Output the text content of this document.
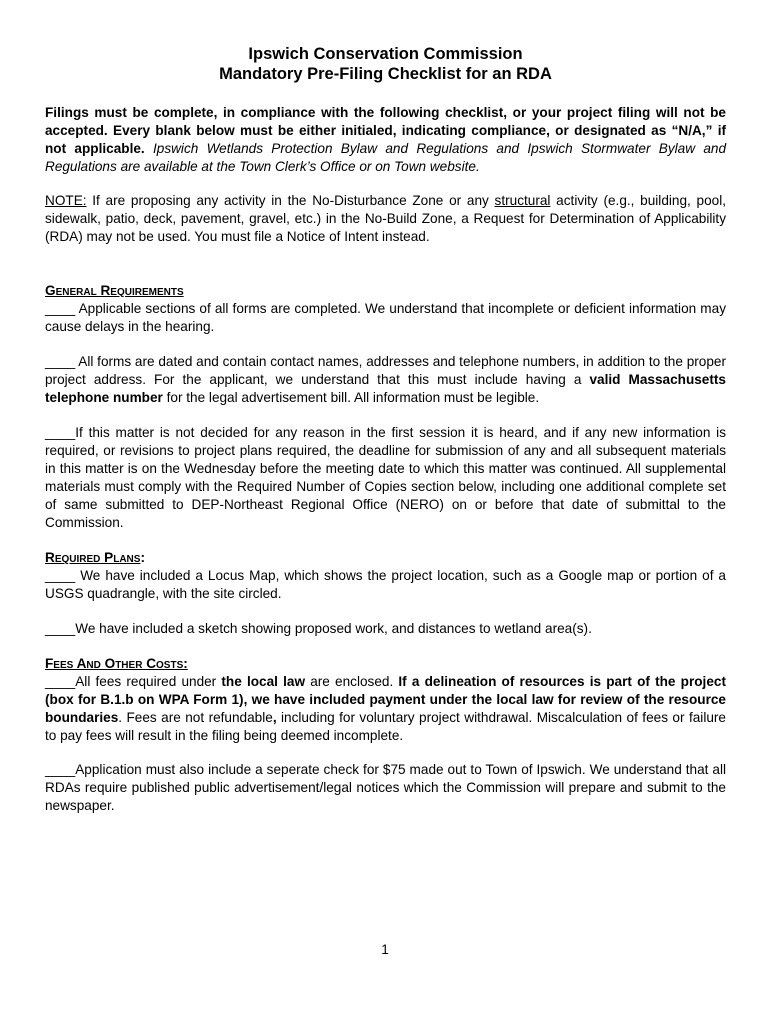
Ipswich Conservation Commission

Mandatory Pre-Filing Checklist for an RDA

Filings must be complete, in compliance with the following checklist, or your project filing will not be accepted. Every blank below must be either initialed, indicating compliance, or designated as “N/A,” if not applicable. Ipswich Wetlands Protection Bylaw and Regulations and Ipswich Stormwater Bylaw and Regulations are available at the Town Clerk’s Office or on Town website.

NOTE: If are proposing any activity in the No-Disturbance Zone or any structural activity (e.g., building, pool, sidewalk, patio, deck, pavement, gravel, etc.) in the No-Build Zone, a Request for Determination of Applicability (RDA) may not be used. You must file a Notice of Intent instead.

General Requirements

____ Applicable sections of all forms are completed. We understand that incomplete or deficient information may cause delays in the hearing.

____ All forms are dated and contain contact names, addresses and telephone numbers, in addition to the proper project address. For the applicant, we understand that this must include having a valid Massachusetts telephone number for the legal advertisement bill. All information must be legible.

____If this matter is not decided for any reason in the first session it is heard, and if any new information is required, or revisions to project plans required, the deadline for submission of any and all subsequent materials in this matter is on the Wednesday before the meeting date to which this matter was continued. All supplemental materials must comply with the Required Number of Copies section below, including one additional complete set of same submitted to DEP-Northeast Regional Office (NERO) on or before that date of submittal to the Commission.

Required Plans:

____ We have included a Locus Map, which shows the project location, such as a Google map or portion of a USGS quadrangle, with the site circled.

____We have included a sketch showing proposed work, and distances to wetland area(s).

Fees And Other Costs:

____All fees required under the local law are enclosed. If a delineation of resources is part of the project (box for B.1.b on WPA Form 1), we have included payment under the local law for review of the resource boundaries. Fees are not refundable, including for voluntary project withdrawal. Miscalculation of fees or failure to pay fees will result in the filing being deemed incomplete.

____Application must also include a seperate check for $75 made out to Town of Ipswich. We understand that all RDAs require published public advertisement/legal notices which the Commission will prepare and submit to the newspaper.

1
